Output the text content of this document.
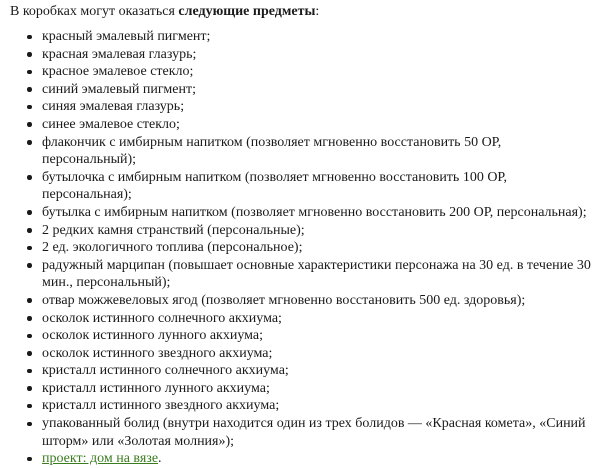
В коробках могут оказаться следующие предметы:

красный эмалевый пигмент;
красная эмалевая глазурь;
красное эмалевое стекло;
синий эмалевый пигмент;
синяя эмалевая глазурь;
синее эмалевое стекло;
флакончик с имбирным напитком (позволяет мгновенно восстановить 50 ОР, персональный);
бутылочка с имбирным напитком (позволяет мгновенно восстановить 100 ОР, персональная);
бутылка с имбирным напитком (позволяет мгновенно восстановить 200 ОР, персональная);
2 редких камня странствий (персональные);
2 ед. экологичного топлива (персональное);
радужный марципан (повышает основные характеристики персонажа на 30 ед. в течение 30 мин., персональный);
отвар можжевеловых ягод (позволяет мгновенно восстановить 500 ед. здоровья);
осколок истинного солнечного акхиума;
осколок истинного лунного акхиума;
осколок истинного звездного акхиума;
кристалл истинного солнечного акхиума;
кристалл истинного лунного акхиума;
кристалл истинного звездного акхиума;
упакованный болид (внутри находится один из трех болидов — «Красная комета», «Синий шторм» или «Золотая молния»);
проект: дом на вязе.
